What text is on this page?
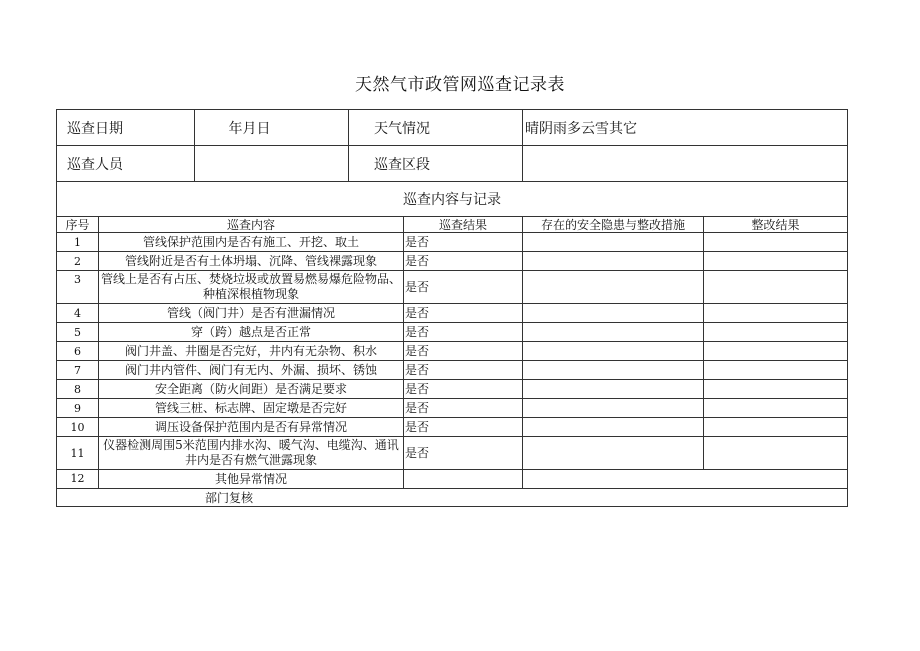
天然气市政管网巡查记录表
巡查日期		年月日	天气情况		晴阴雨多云雪其它	
巡查人员			巡查区段			
巡查内容与记录						
序号	巡查内容			巡查结果	存在的安全隐患与整改措施	整改结果
1	管线保护范围内是否有施工、开挖、取土			是否		
2	管线附近是否有土体坍塌、沉降、管线裸露现象			是否		
3	管线上是否有占压、焚烧垃圾或放置易燃易爆危险物品、种植深根植物现象			是否		
4	管线（阀门井）是否有泄漏情况			是否		
5	穿（跨）越点是否正常			是否		
6	阀门井盖、井圈是否完好，井内有无杂物、积水			是否		
7	阀门井内管件、阀门有无内、外漏、损坏、锈蚀			是否		
8	安全距离（防火间距）是否满足要求			是否		
9	管线三桩、标志牌、固定墩是否完好			是否		
10	调压设备保护范围内是否有异常情况			是否		
11	仪器检测周围5米范围内排水沟、暖气沟、电缆沟、通讯井内是否有燃气泄露现象			是否		
12	其他异常情况					
部门复核						
